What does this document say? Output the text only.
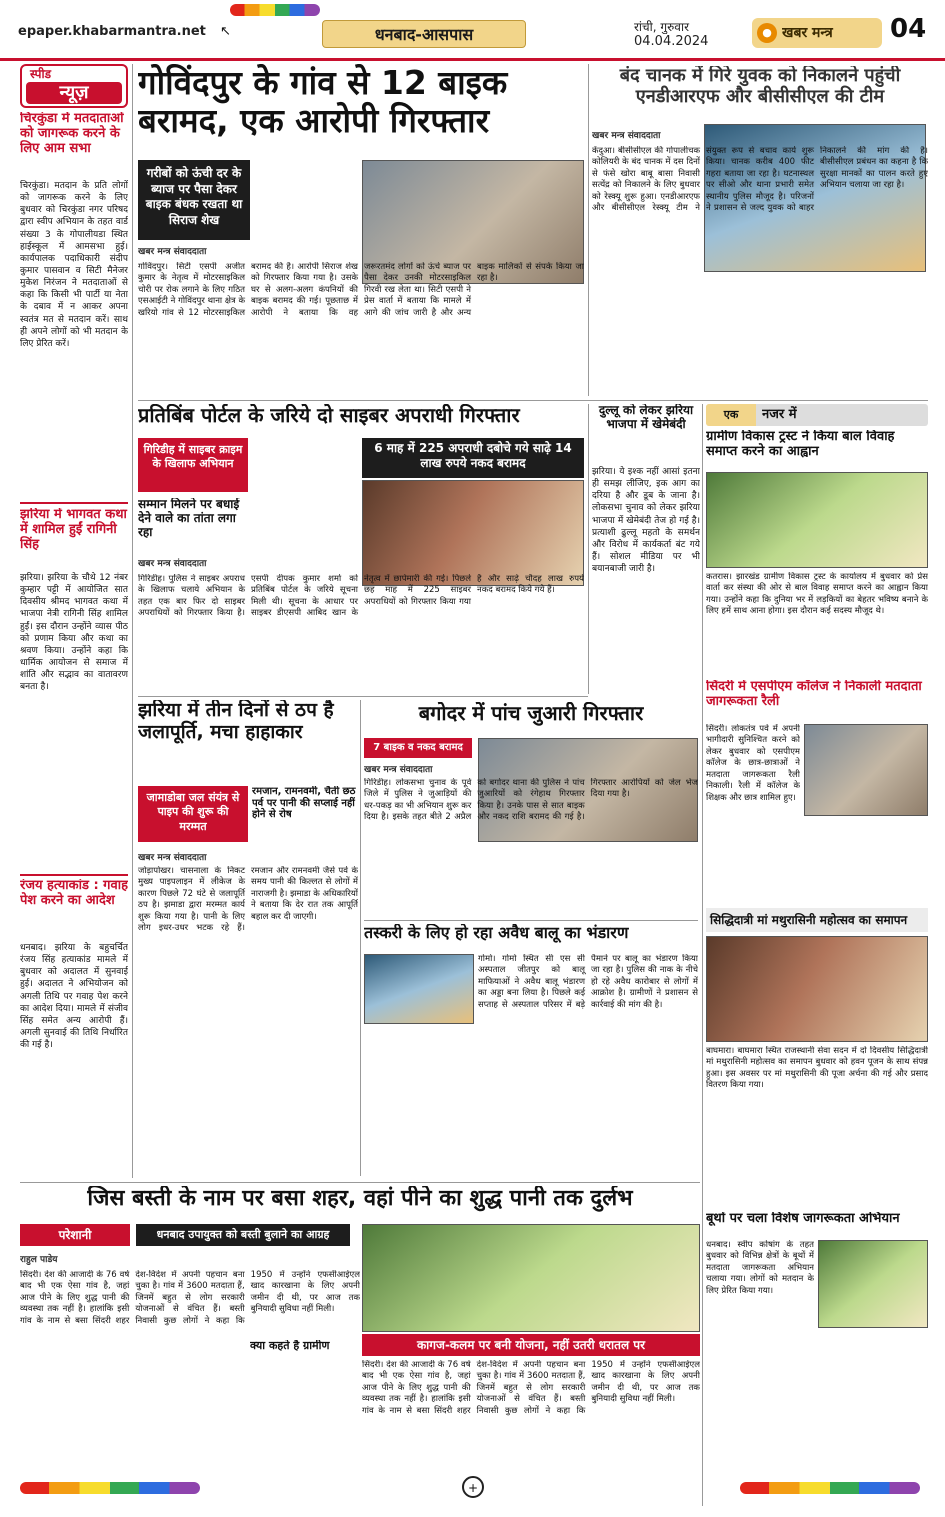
epaper.khabarmantra.net	↖	धनबाद-आसपास	रांची, गुरुवार
04.04.2024
● खबर मन्त्र	04
स्पीड
न्यूज़
चिरकुंडा में मतदाताओं को जागरूक करने के लिए आम सभा
चिरकुंडा। मतदान के प्रति लोगों को जागरूक करने के लिए बुधवार को चिरकुंडा नगर परिषद द्वारा स्वीप अभियान के तहत वार्ड संख्या 3 के गोपालीयडा स्थित हाईस्कूल में आमसभा हुई। कार्यपालक पदाधिकारी संदीप कुमार पासवान व सिटी मैनेजर मुकेश निरंजन ने मतदाताओं से कहा कि किसी भी पार्टी या नेता के दबाव में न आकर अपना स्वतंत्र मत से मतदान करें। साथ ही अपने लोगों को भी मतदान के लिए प्रेरित करें।
झरिया में भागवत कथा में शामिल हुईं रागिनी सिंह
झरिया। झरिया के चौथे 12 नंबर कुम्हार पट्टी में आयोजित सात दिवसीय श्रीमद भागवत कथा में भाजपा नेत्री रागिनी सिंह शामिल हुईं। इस दौरान उन्होंने व्यास पीठ को प्रणाम किया और कथा का श्रवण किया। उन्होंने कहा कि धार्मिक आयोजन से समाज में शांति और सद्भाव का वातावरण बनता है।
रंजय हत्याकांड : गवाह पेश करने का आदेश
धनबाद। झरिया के बहुचर्चित रंजय सिंह हत्याकांड मामले में बुधवार को अदालत में सुनवाई हुई। अदालत ने अभियोजन को अगली तिथि पर गवाह पेश करने का आदेश दिया। मामले में संजीव सिंह समेत अन्य आरोपी हैं। अगली सुनवाई की तिथि निर्धारित की गई है।
गोविंदपुर के गांव से 12 बाइक बरामद, एक आरोपी गिरफ्तार
गरीबों को ऊंची दर के ब्याज पर पैसा देकर बाइक बंधक रखता था सिराज शेख
खबर मन्त्र संवाददाता
गोविंदपुर। सिटी एसपी अजीत कुमार के नेतृत्व में मोटरसाइकिल चोरी पर रोक लगाने के लिए गठित एसआईटी ने गोविंदपुर थाना क्षेत्र के खरियो गांव से 12 मोटरसाइकिल बरामद की है। आरोपी सिराज शेख को गिरफ्तार किया गया है। उसके घर से अलग-अलग कंपनियों की बाइक बरामद की गई। पूछताछ में आरोपी ने बताया कि वह जरूरतमंद लोगों को ऊंचे ब्याज पर पैसा देकर उनकी मोटरसाइकिल गिरवी रख लेता था। सिटी एसपी ने प्रेस वार्ता में बताया कि मामले में आगे की जांच जारी है और अन्य बाइक मालिकों से संपर्क किया जा रहा है।
बंद चानक में गिरे युवक को निकालने पहुंची एनडीआरएफ और बीसीसीएल की टीम
खबर मन्त्र संवाददाता
केंदुआ। बीसीसीएल की गोपालीचक कोलियरी के बंद चानक में दस दिनों से फंसे खोरा बाबू बासा निवासी सत्येंद्र को निकालने के लिए बुधवार को रेस्क्यू शुरू हुआ। एनडीआरएफ और बीसीसीएल रेस्क्यू टीम ने संयुक्त रूप से बचाव कार्य शुरू किया। चानक करीब 400 फीट गहरा बताया जा रहा है। घटनास्थल पर सीओ और थाना प्रभारी समेत स्थानीय पुलिस मौजूद है। परिजनों ने प्रशासन से जल्द युवक को बाहर निकालने की मांग की है। बीसीसीएल प्रबंधन का कहना है कि सुरक्षा मानकों का पालन करते हुए अभियान चलाया जा रहा है।
प्रतिबिंब पोर्टल के जरिये दो साइबर अपराधी गिरफ्तार
गिरिडीह में साइबर क्राइम के खिलाफ अभियान
सम्मान मिलने पर बधाई देने वाले का तांता लगा रहा
6 माह में 225 अपराधी दबोचे गये साढ़े 14 लाख रुपये नकद बरामद
खबर मन्त्र संवाददाता
गिरिडीह। पुलिस ने साइबर अपराध के खिलाफ चलाये अभियान के तहत एक बार फिर दो साइबर अपराधियों को गिरफ्तार किया है। एसपी दीपक कुमार शर्मा को प्रतिबिंब पोर्टल के जरिये सूचना मिली थी। सूचना के आधार पर साइबर डीएसपी आबिद खान के नेतृत्व में छापेमारी की गई। पिछले छह माह में 225 साइबर अपराधियों को गिरफ्तार किया गया है और साढ़े चौदह लाख रुपये नकद बरामद किये गये हैं।
दुल्लू को लेकर झरिया भाजपा में खेमेबंदी
झरिया। ये इश्क नहीं आसां इतना ही समझ लीजिए, इक आग का दरिया है और डूब के जाना है। लोकसभा चुनाव को लेकर झरिया भाजपा में खेमेबंदी तेज हो गई है। प्रत्याशी ढुल्लू महतो के समर्थन और विरोध में कार्यकर्ता बंट गये हैं। सोशल मीडिया पर भी बयानबाजी जारी है।
एक	नजर में
ग्रामीण विकास ट्रस्ट ने किया बाल विवाह समाप्त करने का आह्वान
कतरास। झारखंड ग्रामीण विकास ट्रस्ट के कार्यालय में बुधवार को प्रेस वार्ता कर संस्था की ओर से बाल विवाह समाप्त करने का आह्वान किया गया। उन्होंने कहा कि दुनिया भर में लड़कियों का बेहतर भविष्य बनाने के लिए हमें साथ आना होगा। इस दौरान कई सदस्य मौजूद थे।
सिंदरी में एसपीएम कॉलेज ने निकाली मतदाता जागरूकता रैली
सिंदरी। लोकतंत्र पर्व में अपनी भागीदारी सुनिश्चित करने को लेकर बुधवार को एसपीएम कॉलेज के छात्र-छात्राओं ने मतदाता जागरूकता रैली निकाली। रैली में कॉलेज के शिक्षक और छात्र शामिल हुए।
सिद्धिदात्री मां मथुरासिनी महोत्सव का समापन
बाघमारा। बाघमारा स्थित राजस्थानी सेवा सदन में दो दिवसीय सिद्धिदात्री मां मथुरासिनी महोत्सव का समापन बुधवार को हवन पूजन के साथ संपन्न हुआ। इस अवसर पर मां मथुरासिनी की पूजा अर्चना की गई और प्रसाद वितरण किया गया।
बूथों पर चला विशेष जागरूकता अभियान
धनबाद। स्वीप कोषांग के तहत बुधवार को विभिन्न क्षेत्रों के बूथों में मतदाता जागरूकता अभियान चलाया गया। लोगों को मतदान के लिए प्रेरित किया गया।
झरिया में तीन दिनों से ठप है जलापूर्ति, मचा हाहाकार
जामाडोबा जल संयंत्र से पाइप की शुरू की मरम्मत
रमजान, रामनवमी, चैती छठ पर्व पर पानी की सप्लाई नहीं होने से रोष
खबर मन्त्र संवाददाता
जोड़ापोखर। चासनाला के निकट मुख्य पाइपलाइन में लीकेज के कारण पिछले 72 घंटे से जलापूर्ति ठप है। झमाडा द्वारा मरम्मत कार्य शुरू किया गया है। पानी के लिए लोग इधर-उधर भटक रहे हैं। रमजान और रामनवमी जैसे पर्व के समय पानी की किल्लत से लोगों में नाराजगी है। झमाडा के अधिकारियों ने बताया कि देर रात तक आपूर्ति बहाल कर दी जाएगी।
बगोदर में पांच जुआरी गिरफ्तार
7 बाइक व नकद बरामद
खबर मन्त्र संवाददाता
गिरिडीह। लोकसभा चुनाव के पूर्व जिले में पुलिस ने जुआड़ियों की धर-पकड़ का भी अभियान शुरू कर दिया है। इसके तहत बीते 2 अप्रैल को बगोदर थाना की पुलिस ने पांच जुआरियों को रंगेहाथ गिरफ्तार किया है। उनके पास से सात बाइक और नकद राशि बरामद की गई है। गिरफ्तार आरोपियों को जेल भेज दिया गया है।
तस्करी के लिए हो रहा अवैध बालू का भंडारण
गोमो। गोमो स्थित सी एस सी अस्पताल जीतपुर को बालू माफियाओं ने अवैध बालू भंडारण का अड्डा बना लिया है। पिछले कई सप्ताह से अस्पताल परिसर में बड़े पैमाने पर बालू का भंडारण किया जा रहा है। पुलिस की नाक के नीचे हो रहे अवैध कारोबार से लोगों में आक्रोश है। ग्रामीणों ने प्रशासन से कार्रवाई की मांग की है।
जिस बस्ती के नाम पर बसा शहर, वहां पीने का शुद्ध पानी तक दुर्लभ
परेशानी	धनबाद उपायुक्त को बस्ती बुलाने का आग्रह
कागज-कलम पर बनी योजना, नहीं उतरी धरातल पर
राहुल पाडेय
क्या कहते है ग्रामीण
सिंदरी। देश की आजादी के 76 वर्ष बाद भी एक ऐसा गांव है, जहां आज पीने के लिए शुद्ध पानी की व्यवस्था तक नहीं है। हालांकि इसी गांव के नाम से बसा सिंदरी शहर देश-विदेश में अपनी पहचान बना चुका है। गांव में 3600 मतदाता हैं, जिनमें बहुत से लोग सरकारी योजनाओं से वंचित हैं। बस्ती निवासी कुछ लोगों ने कहा कि 1950 में उन्होंने एफसीआईएल खाद कारखाना के लिए अपनी जमीन दी थी, पर आज तक बुनियादी सुविधा नहीं मिली।
सिंदरी। देश की आजादी के 76 वर्ष बाद भी एक ऐसा गांव है, जहां आज पीने के लिए शुद्ध पानी की व्यवस्था तक नहीं है। हालांकि इसी गांव के नाम से बसा सिंदरी शहर देश-विदेश में अपनी पहचान बना चुका है। गांव में 3600 मतदाता हैं, जिनमें बहुत से लोग सरकारी योजनाओं से वंचित हैं। बस्ती निवासी कुछ लोगों ने कहा कि 1950 में उन्होंने एफसीआईएल खाद कारखाना के लिए अपनी जमीन दी थी, पर आज तक बुनियादी सुविधा नहीं मिली।
+
